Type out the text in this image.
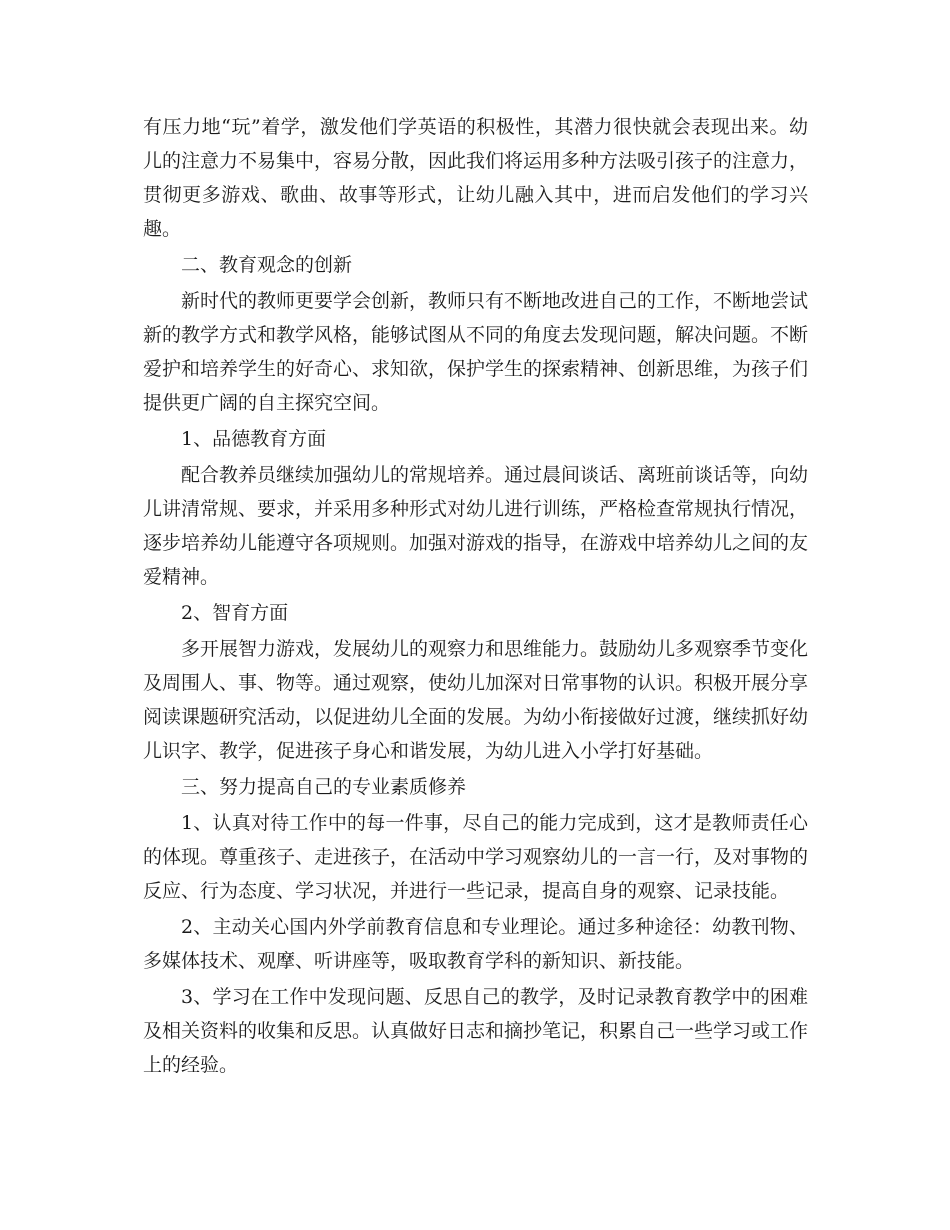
有压力地“玩”着学，激发他们学英语的积极性，其潜力很快就会表现出来。幼儿的注意力不易集中，容易分散，因此我们将运用多种方法吸引孩子的注意力，贯彻更多游戏、歌曲、故事等形式，让幼儿融入其中，进而启发他们的学习兴趣。

二、教育观念的创新

新时代的教师更要学会创新，教师只有不断地改进自己的工作，不断地尝试新的教学方式和教学风格，能够试图从不同的角度去发现问题，解决问题。不断爱护和培养学生的好奇心、求知欲，保护学生的探索精神、创新思维，为孩子们提供更广阔的自主探究空间。

1、品德教育方面

配合教养员继续加强幼儿的常规培养。通过晨间谈话、离班前谈话等，向幼儿讲清常规、要求，并采用多种形式对幼儿进行训练，严格检查常规执行情况，逐步培养幼儿能遵守各项规则。加强对游戏的指导，在游戏中培养幼儿之间的友爱精神。

2、智育方面

多开展智力游戏，发展幼儿的观察力和思维能力。鼓励幼儿多观察季节变化及周围人、事、物等。通过观察，使幼儿加深对日常事物的认识。积极开展分享阅读课题研究活动，以促进幼儿全面的发展。为幼小衔接做好过渡，继续抓好幼儿识字、教学，促进孩子身心和谐发展，为幼儿进入小学打好基础。

三、努力提高自己的专业素质修养

1、认真对待工作中的每一件事，尽自己的能力完成到，这才是教师责任心的体现。尊重孩子、走进孩子，在活动中学习观察幼儿的一言一行，及对事物的反应、行为态度、学习状况，并进行一些记录，提高自身的观察、记录技能。

2、主动关心国内外学前教育信息和专业理论。通过多种途径：幼教刊物、多媒体技术、观摩、听讲座等，吸取教育学科的新知识、新技能。

3、学习在工作中发现问题、反思自己的教学，及时记录教育教学中的困难及相关资料的收集和反思。认真做好日志和摘抄笔记，积累自己一些学习或工作上的经验。
